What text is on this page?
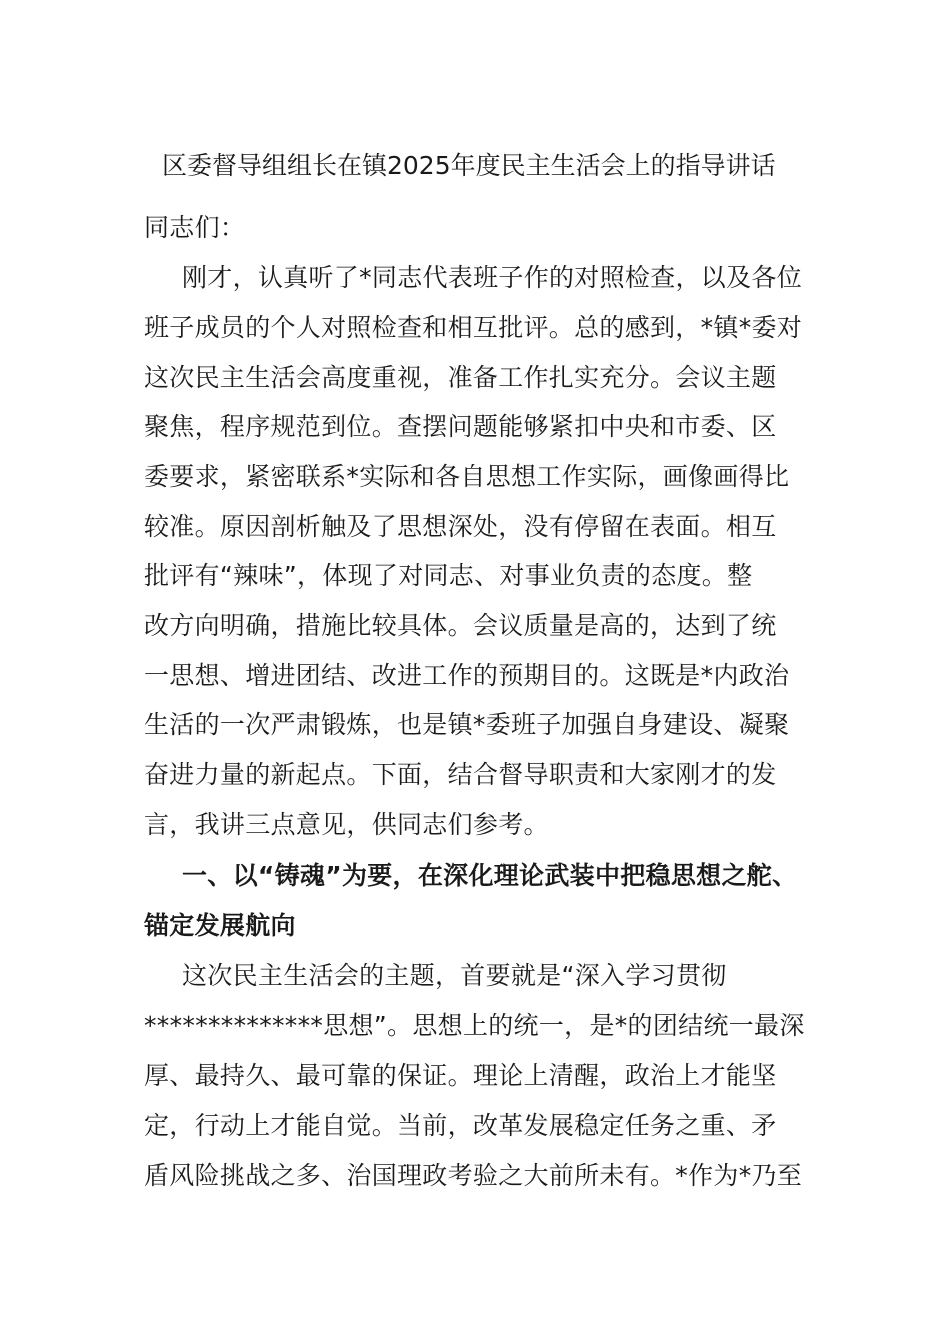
区委督导组组长在镇2025年度民主生活会上的指导讲话
同志们：
刚才，认真听了*同志代表班子作的对照检查，以及各位
班子成员的个人对照检查和相互批评。总的感到，*镇*委对
这次民主生活会高度重视，准备工作扎实充分。会议主题
聚焦，程序规范到位。查摆问题能够紧扣中央和市委、区
委要求，紧密联系*实际和各自思想工作实际，画像画得比
较准。原因剖析触及了思想深处，没有停留在表面。相互
批评有“辣味”，体现了对同志、对事业负责的态度。整
改方向明确，措施比较具体。会议质量是高的，达到了统
一思想、增进团结、改进工作的预期目的。这既是*内政治
生活的一次严肃锻炼，也是镇*委班子加强自身建设、凝聚
奋进力量的新起点。下面，结合督导职责和大家刚才的发
言，我讲三点意见，供同志们参考。
一、以“铸魂”为要，在深化理论武装中把稳思想之舵、
锚定发展航向
这次民主生活会的主题，首要就是“深入学习贯彻
**************思想”。思想上的统一，是*的团结统一最深
厚、最持久、最可靠的保证。理论上清醒，政治上才能坚
定，行动上才能自觉。当前，改革发展稳定任务之重、矛
盾风险挑战之多、治国理政考验之大前所未有。*作为*乃至
